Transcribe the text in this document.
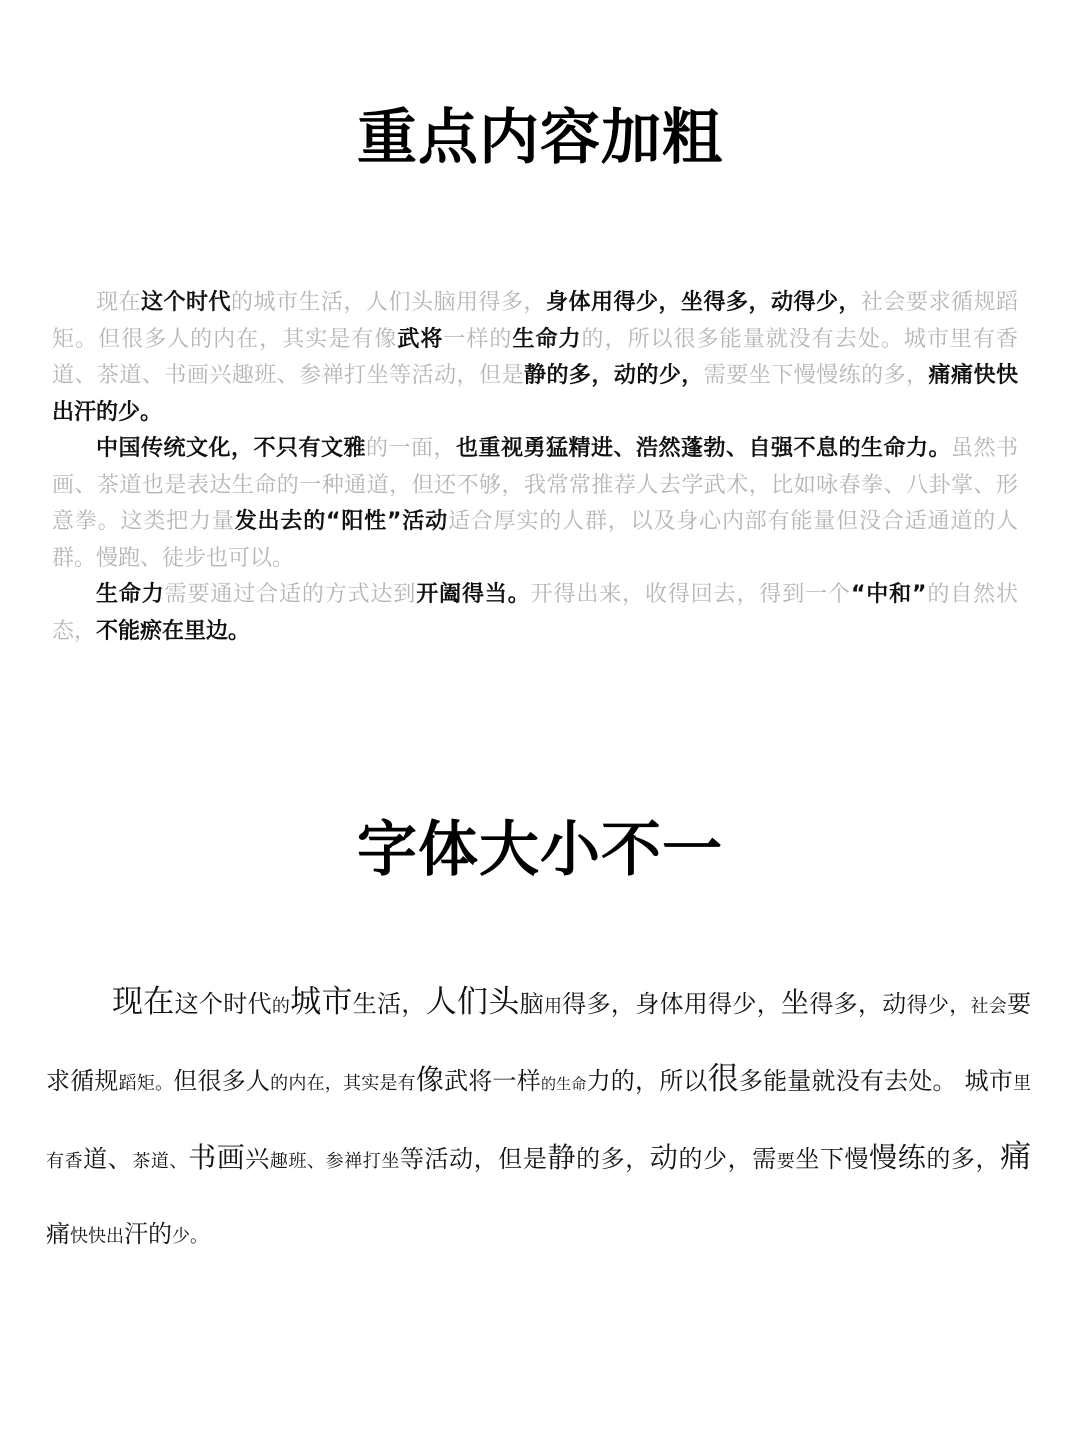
重点内容加粗

现在这个时代的城市生活，人们头脑用得多，身体用得少，坐得多，动得少，社会要求循规蹈矩。但很多人的内在，其实是有像武将一样的生命力的，所以很多能量就没有去处。城市里有香道、茶道、书画兴趣班、参禅打坐等活动，但是静的多，动的少，需要坐下慢慢练的多，痛痛快快出汗的少。

中国传统文化，不只有文雅的一面，也重视勇猛精进、浩然蓬勃、自强不息的生命力。虽然书画、茶道也是表达生命的一种通道，但还不够，我常常推荐人去学武术，比如咏春拳、八卦掌、形意拳。这类把力量发出去的“阳性”活动适合厚实的人群，以及身心内部有能量但没合适通道的人群。慢跑、徒步也可以。

生命力需要通过合适的方式达到开阖得当。开得出来，收得回去，得到一个“中和”的自然状态，不能瘀在里边。

字体大小不一

现在这个时代的城市生活，人们头脑用得多，身体用得少，坐得多，动得少，社会要求循规蹈矩。但很多人的内在，其实是有像武将一样的生命力的，所以很多能量就没有去处。 城市里有香道、茶道、书画兴趣班、参禅打坐等活动，但是静的多，动的少，需要坐下慢慢练的多，痛痛快快出汗的少。
